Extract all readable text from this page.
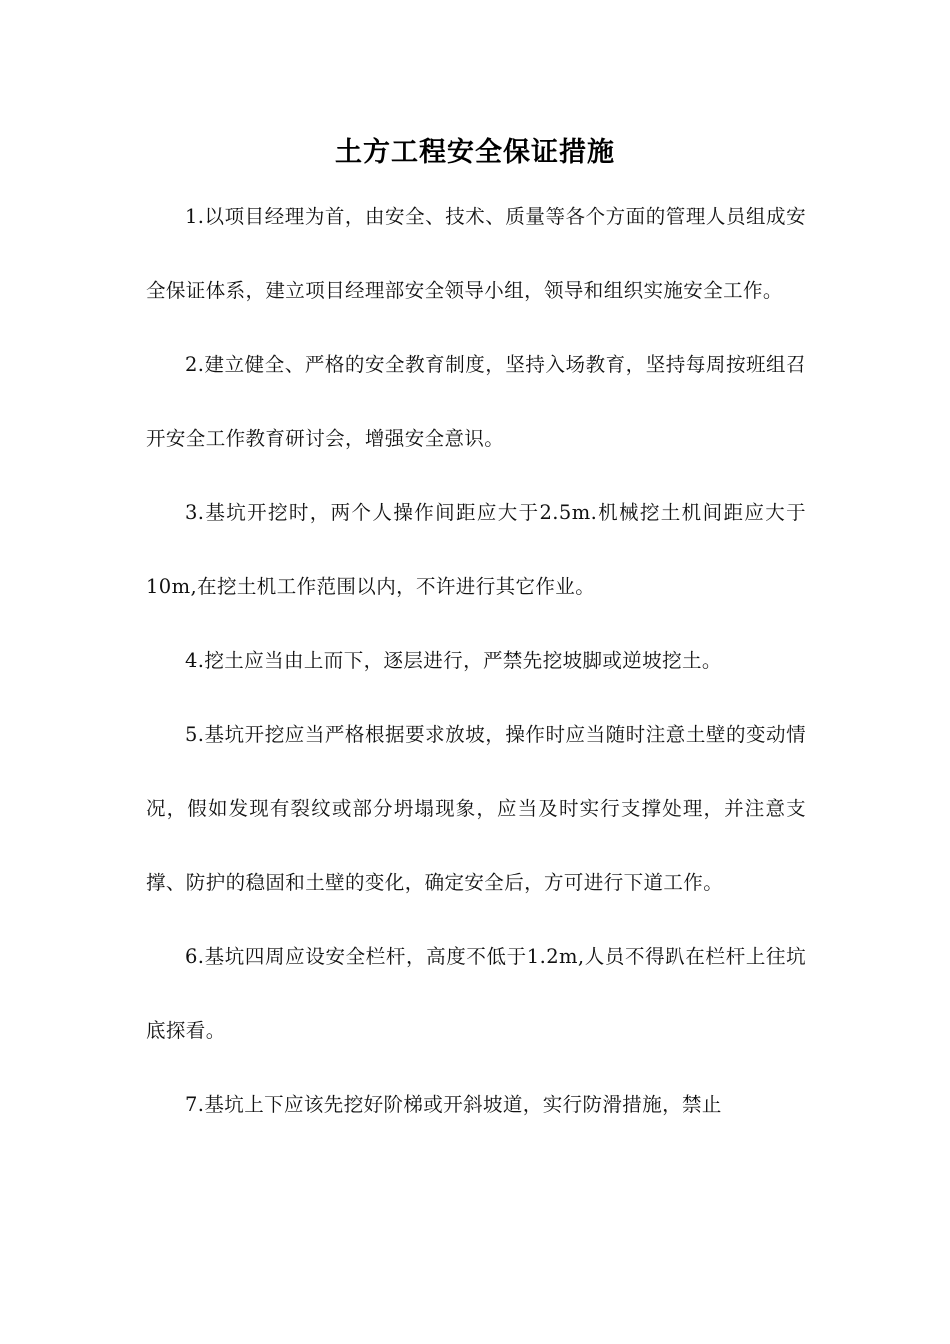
土方工程安全保证措施

1.以项目经理为首，由安全、技术、质量等各个方面的管理人员组成安全保证体系，建立项目经理部安全领导小组，领导和组织实施安全工作。

2.建立健全、严格的安全教育制度，坚持入场教育，坚持每周按班组召开安全工作教育研讨会，增强安全意识。

3.基坑开挖时，两个人操作间距应大于2.5m.机械挖土机间距应大于10m,在挖土机工作范围以内，不许进行其它作业。

4.挖土应当由上而下，逐层进行，严禁先挖坡脚或逆坡挖土。

5.基坑开挖应当严格根据要求放坡，操作时应当随时注意土壁的变动情况，假如发现有裂纹或部分坍塌现象，应当及时实行支撑处理，并注意支撑、防护的稳固和土壁的变化，确定安全后，方可进行下道工作。

6.基坑四周应设安全栏杆，高度不低于1.2m,人员不得趴在栏杆上往坑底探看。

7.基坑上下应该先挖好阶梯或开斜坡道，实行防滑措施，禁止
